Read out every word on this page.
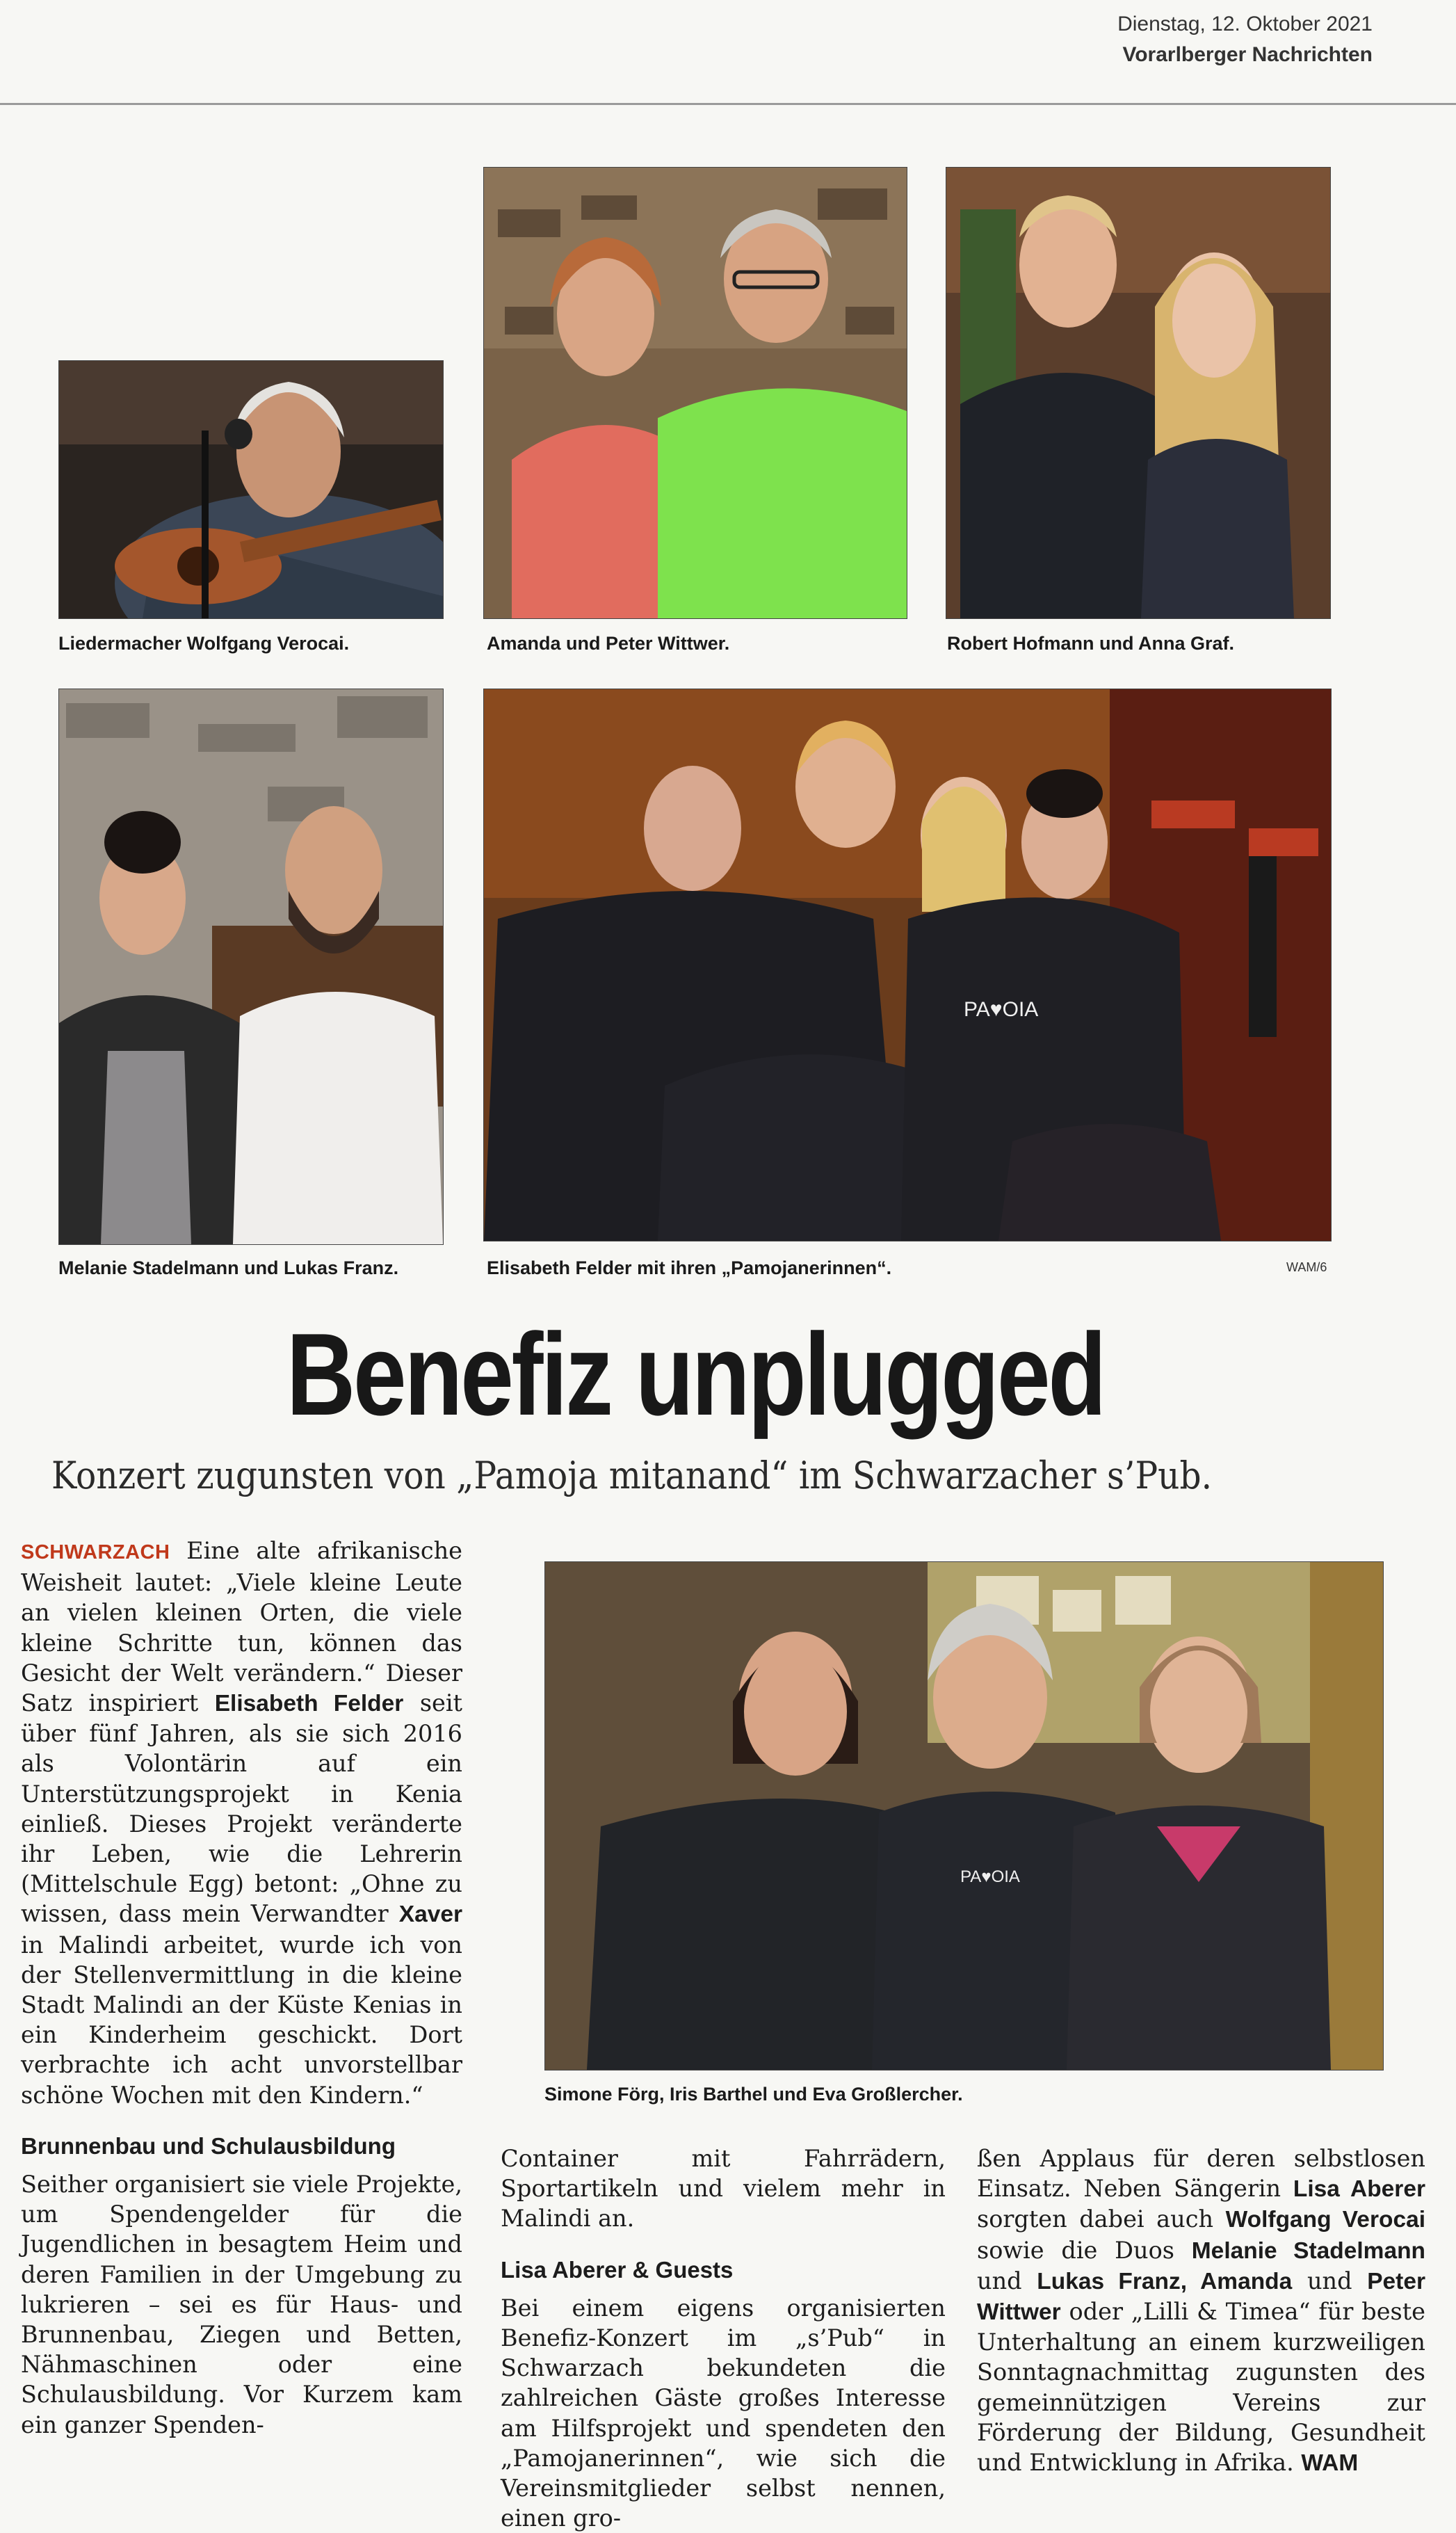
Dienstag, 12. Oktober 2021
Vorarlberger Nachrichten
Liedermacher Wolfgang Verocai.	Amanda und Peter Wittwer.	Robert Hofmann und Anna Graf.
Melanie Stadelmann und Lukas Franz.
PA♥OIA
Elisabeth Felder mit ihren „Pamojanerinnen“.	WAM/6
Benefiz unplugged
Konzert zugunsten von „Pamoja mitanand“ im Schwarzacher s’Pub.
PA♥OIA
Simone Förg, Iris Barthel und Eva Großlercher.

SCHWARZACH Eine alte afrikanische Weisheit lautet: „Viele kleine Leute an vielen kleinen Orten, die viele kleine Schritte tun, können das Gesicht der Welt verändern.“ Dieser Satz inspiriert Elisabeth Felder seit über fünf Jahren, als sie sich 2016 als Volontärin auf ein Unterstützungsprojekt in Kenia einließ. Dieses Projekt veränderte ihr Leben, wie die Lehrerin (Mittelschule Egg) betont: „Ohne zu wissen, dass mein Verwandter Xaver in Malindi arbeitet, wurde ich von der Stellenvermittlung in die kleine Stadt Malindi an der Küste Kenias in ein Kinderheim geschickt. Dort verbrachte ich acht unvorstellbar schöne Wochen mit den Kindern.“

Brunnenbau und Schulausbildung

Seither organisiert sie viele Projekte, um Spendengelder für die Jugendlichen in besagtem Heim und deren Familien in der Umgebung zu lukrieren – sei es für Haus- und Brunnenbau, Ziegen und Betten, Nähmaschinen oder eine Schulausbildung. Vor Kurzem kam ein ganzer Spenden-

Container mit Fahrrädern, Sportartikeln und vielem mehr in Malindi an.

Lisa Aberer & Guests

Bei einem eigens organisierten Benefiz-Konzert im „s’Pub“ in Schwarzach bekundeten die zahlreichen Gäste großes Interesse am Hilfsprojekt und spendeten den „Pamojanerinnen“, wie sich die Vereinsmitglieder selbst nennen, einen gro-

ßen Applaus für deren selbstlosen Einsatz. Neben Sängerin Lisa Aberer sorgten dabei auch Wolfgang Verocai sowie die Duos Melanie Stadelmann und Lukas Franz, Amanda und Peter Wittwer oder „Lilli & Timea“ für beste Unterhaltung an einem kurzweiligen Sonntagnachmittag zugunsten des gemeinnützigen Vereins zur Förderung der Bildung, Gesundheit und Entwicklung in Afrika. WAM
